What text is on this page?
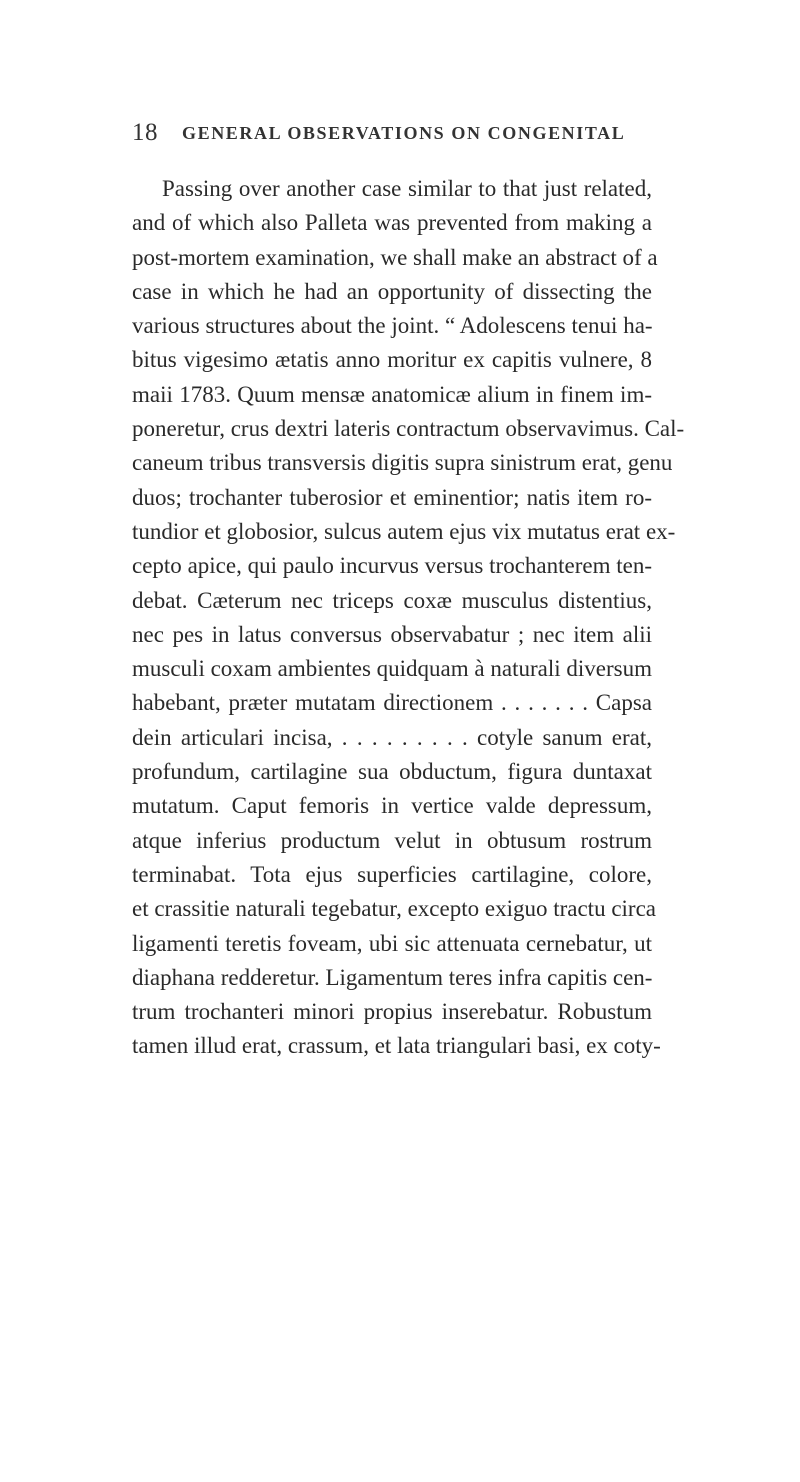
18 GENERAL OBSERVATIONS ON CONGENITAL
Passing over another case similar to that just related,
and of which also Palleta was prevented from making a
post-mortem examination, we shall make an abstract of a
case in which he had an opportunity of dissecting the
various structures about the joint. “ Adolescens tenui ha-
bitus vigesimo ætatis anno moritur ex capitis vulnere, 8
maii 1783. Quum mensæ anatomicæ alium in finem im-
poneretur, crus dextri lateris contractum observavimus. Cal-
caneum tribus transversis digitis supra sinistrum erat, genu
duos; trochanter tuberosior et eminentior; natis item ro-
tundior et globosior, sulcus autem ejus vix mutatus erat ex-
cepto apice, qui paulo incurvus versus trochanterem ten-
debat. Cæterum nec triceps coxæ musculus distentius,
nec pes in latus conversus observabatur ; nec item alii
musculi coxam ambientes quidquam à naturali diversum
habebant, præter mutatam directionem . . . . . . . Capsa
dein articulari incisa, . . . . . . . . . cotyle sanum erat,
profundum, cartilagine sua obductum, figura duntaxat
mutatum. Caput femoris in vertice valde depressum,
atque inferius productum velut in obtusum rostrum
terminabat. Tota ejus superficies cartilagine, colore,
et crassitie naturali tegebatur, excepto exiguo tractu circa
ligamenti teretis foveam, ubi sic attenuata cernebatur, ut
diaphana redderetur. Ligamentum teres infra capitis cen-
trum trochanteri minori propius inserebatur. Robustum
tamen illud erat, crassum, et lata triangulari basi, ex coty-
